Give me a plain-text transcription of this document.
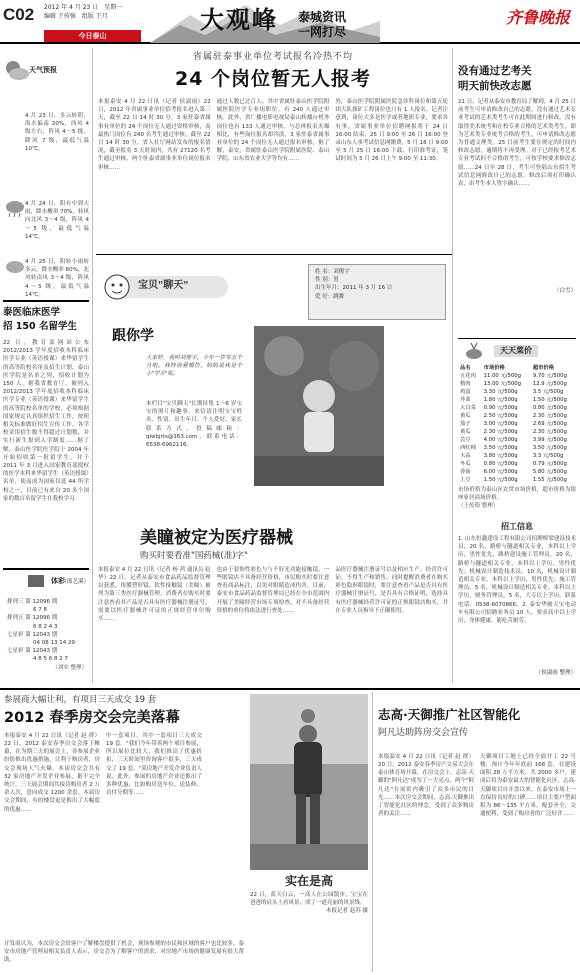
C02 2012 年 4 月 23 日 星期一
编辑 王传强 组版 王月
今日泰山
大观峰 泰城资讯
一网打尽
齐鲁晚报
天气预报
4 月 23 日，多云转阴，海水偏南 20%，西风 4 级左右，阵风 4～5 级，降风 7 级，最低气温 10℃。
4 月 24 日，阴有中到大雨，降水概率 70%，转风向北风 3～4 级，阵风 4～5 级，最低气温 14℃。
4 月 25 日，阴转小雨转多云，降水概率 60%，北风转南风 3～4 级，阵风 4～5 级，最低气温 14℃。
泰医临床医学
招 150 名留学生
22 日，教育部网站公布 2012/2013 学年度招收本科临床医学专业（英语授课）来华留学生的高等院校名单及招生计划，泰山医学院是名单之列，招收计划为 150 人。据我省教育厅，被列入 2012/2013 学年度招收本科临床医学专业（英语授课）来华留学生的高等院校名单的学校，必须根据国家规定认真组织招生工作，按照相关标准做好招生宣传工作，各学校采用招生数不得超过计划数，并实行新生报到入学制度……据了解，泰山医学院医学院于 2004 年开始招收第一批留学生，并于 2011 年 3 月进入国家教育部授权的医学本科来华留学生（英语授课）名单，使而成为国家仅选 44 所学校之一，目前已有来自 20 多个国家的数百名留学生在我校学习。
（郎艺溪）
体彩
排列三 第 12096 期
6 7 8
排列五 第 12096 期
6 8 2 4 3
七星彩 第 12043 期
04 08 13 14 29
七星彩 第 12043 期
4 8 5 6 8 2 7
（刘实 整理）
省属驻泰事业单位考试报名冷热不均
24 个岗位暂无人报考
本报泰安 4 月 22 日讯（记者 侯淑雨）22 日，2012 年省属事业单位招考报名进入第三天，截至 22 日 14 时 30 分，3 家驻泰省属事业单位的 24 个岗位无人通过资格审核，而最热门岗位有 240 名考生通过审核。截至 22 日 14 时 30 分，省人社厅网站发布的报名情况，截至报名 3 天时间内，共有 27120 名考生通过审核，两个驻泰省属事业单位岗位报名审核……
通过人数已过百人。其中省属驻泰山医学院附属医院医学专业组职位，有 240 人通过审核。此外，省广播电影电视局泰山转播台机务岗位也有 133 人通过审核。与总体报名火爆相比，有些岗位报名却冷淡，3 家驻泰省属事业单位的 24 个岗位无人通过报名审核，据了解，泰安，省属驻泰山医学院附属医院、泰山学院、山东省农业大学等均有……
外，泰山医学院附属医院急诊科岗位和第五轮团大队探矿工程岗位也只有 1 人报名。记者注意到，岗位大多是医学或者地质专业，要求各有事。省属事业单位招聘网报将于 24 日 16:00 结束，25 日 9:00 至 26 日 16:00 登录山东人事考试信息网缴费，5 月 18 日 9:00 至 5 月 25 日 16:00 下载、打印准考证，笔试时间为 5 月 26 日上午 9:00 至 11:30。
宝贝"聊天"
姓 名：刘俊宇
性 别：男
出生年月：2011 年 3 月 16 日
爱 好：跳舞
跟你学
大家好，我叫刘俊宇，今年一岁零五个月啦。我特别爱模仿，妈妈说我是个小"学舌"呢。
本栏目"宝贝聊天"长期征集 1～6 岁宝宝的照片和趣事，来信请注明宝宝姓名、性别、出生年月、个人爱好、家长联系方式。投稿邮箱：qlwbjrts@163.com，联系电话：6538-6962116。
没有通过艺考关
明天前快改志愿
21 日，记者从泰安市教育局了解到，4 月 25 日前考生可申请修改自己的志愿，没有通过艺术专业考试的艺术类考生可在此期间进行修改。没有取得美术统考和在校专业合格的艺术类考生，即为艺术类专业统考合格的考生，可申请修改志愿为普通文理类。25 日前考生要在规定的时间内修改志愿，逾期将不再受理。对于已经报考艺术专业考试但不合格的考生，可按学校要求修改志愿……24 日至 28 日，考生可登陆山东招生考试信息网修改自己的志愿。修改后须打印确认表，由考生本人签字确认……
（白雪）
天天菜价
品名	市场价格	超市价格
五花肉	11.00 元/500g	9.70 元/500g
精肉	13.00 元/500g	12.9 元/500g
鸡蛋	3.30 元/500g	3.5 元/500g
芹菜	1.80 元/500g	1.50 元/500g
大白菜	0.90 元/500g	0.80 元/500g
黄瓜	2.50 元/500g	2.30 元/500g
茄子	3.00 元/500g	2.69 元/500g
黄瓜	2.30 元/500g	2.30 元/500g
芸豆	4.00 元/500g	3.99 元/500g
西红柿	3.50 元/500g	3.50 元/500g
大蒜	3.80 元/500g	3.3 元/500g
冬瓜	0.80 元/500g	0.79 元/500g
香菇	6.00 元/500g	5.80 元/500g
土豆	1.50 元/500g	1.55 元/500g
市场价格为泰山区农贸市场价格，超市价格为银座家居商场价格。
（王传筠 整理）
招工信息
1. 山东恒鑫建设工程有限公司招聘桥梁建设技术员，20 名，路桥与隧道相关专业，本科以上学历，男性优先，路桥建设施工管理员，20 名，路桥与隧道相关专业，本科以上学历，男性优先；机械设计制造技术员，10 名，机械设计制造相关专业，本科以上学历，男性优先；施工管理员，5 名，机械设计制造相关专业，本科以上学历，财务管理员，5 名，大专以上学历。联系电话：0538-6070866。2. 泰安华骏天宝电动车有限公司招聘业务员 10 人，要求高中以上学历，身体健康，能吃苦耐劳。
（侯淑雨 整理）
美瞳被定为医疗器械
购买时要看准"国药械(准)字"
本报泰安 4 月 22 日讯（记者 杨 茜 通讯员 赵 华）22 日，记者从泰安市食品药品监督管理局获悉，角膜塑形镜、软性接触镜（美瞳）被列为第三类医疗器械管理，消费者在购买时要注意查看其产品是否具有医疗器械注册证号，需要以医疗器械许可证的正规经营单位购买……
也由于装饰性彩色与与不好光功能接触镜，一些眼镜店不具备经营资格，市民购买时要注意查看商品标注，以免对眼睛造成伤害。目前，泰安市食品药品监督管理局已经在全市范围内开展了美瞳经营市场专项检查，对不具备经营资格的单位将依法进行查处……
品医疗器械注册证号以及相应生产、经营许可证，不得生产和销售。同时提醒消费者在购买彩色隐形眼镜时，要注意查看产品是否具有医疗器械注册证号，是否具有合格证明，选择具有医疗器械经营许可证的正规眼镜店购买，并在专业人员指导下正确使用。
参展商大幅让利，有项目三天成交 19 套
2012 春季房交会完美落幕
本报泰安 4 月 22 日讯（记者 赵 群）22 日，2012 泰安春季房交会落下帷幕，在为期三天的展会上，各参展企业纷纷推出优惠措施，让利于购房者，房交会现场人气火爆。本届房交会共有 32 家房地产开发企业参展，据不完全统计，三天展会期间共接待购房者 2 万余人次，意向成交 1200 余套。本届房交会期间，有的楼盘更是推出了大幅度的优惠……
中一套项目，其中一套项目三天成交 19 套。"我们今年带着两个项目参展，所以展位比较大，我们推出了优惠折扣，三天时间里咨询客户很多，三天成交了 19 套。"某房地产开发企业负责人说。此外，参展的房地产企业还推出了多种优惠，比如购房送车位、送装修、首付分期等……
实在是高
22 日，蓝天白云，一高人在公园散步，宝宝在爸爸的肩头上看风景，成了一道亮丽的风景线。
本报记者 赵苏 摄
开发商认为，本次房交会给客户了解楼盘提供了机会，现场参观的市民和区域的客户也比较多。泰安市房地产管理局相关负责人表示，房交会为了解客户的需求，对房地产市场的健康发展有很大帮助。
志高·天御推广社区智能化
阿凡达助阵房交会宣传
本报泰安 4 月 22 日讯（记者 赵 群）20 日，2012 泰安春季房产交易大会在泰山体育场开幕。在房交会上，志高·天御的"阿凡达"成为了一大亮点，两个"阿凡达"在展馆内吸引了众多市民的目光……本次房交会期间，志高·天御推出了智能化社区的理念，受到了众多购房者的关注……
天御项目工地上已经全面开工 22 号楼，预计今年年底前 168 套，在建设面积 28 万平方米，共 2000 多户，建成后将为泰安最大的智能化社区。志高·天御项目自开盘以来，在泰安市场上一直保持良好的口碑……项目主要户型面积为 86～135 平方米，配套齐全，交通便利，受到了购房者的广泛好评……
